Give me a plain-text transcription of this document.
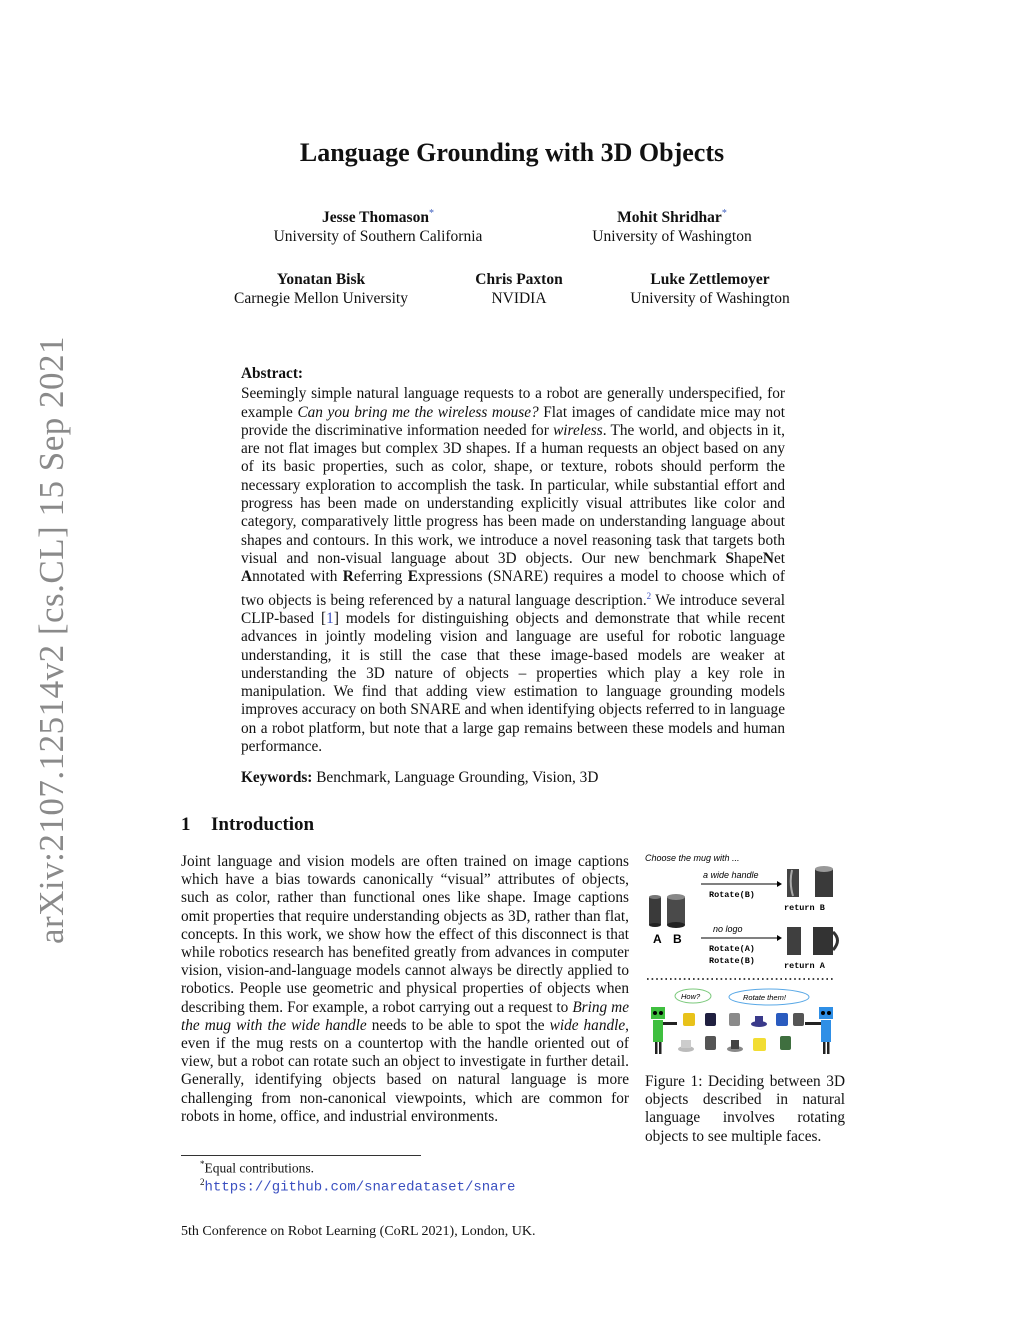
arXiv:2107.12514v2 [cs.CL] 15 Sep 2021
Language Grounding with 3D Objects
Jesse Thomason*
University of Southern California
Mohit Shridhar*
University of Washington
Yonatan Bisk
Carnegie Mellon University
Chris Paxton
NVIDIA
Luke Zettlemoyer
University of Washington
Abstract:
Seemingly simple natural language requests to a robot are generally underspecified, for example Can you bring me the wireless mouse? Flat images of candidate mice may not provide the discriminative information needed for wireless. The world, and objects in it, are not flat images but complex 3D shapes. If a human requests an object based on any of its basic properties, such as color, shape, or texture, robots should perform the necessary exploration to accomplish the task. In particular, while substantial effort and progress has been made on understanding explicitly visual attributes like color and category, comparatively little progress has been made on understanding language about shapes and contours. In this work, we introduce a novel reasoning task that targets both visual and non-visual language about 3D objects. Our new benchmark ShapeNet Annotated with Referring Expressions (SNARE) requires a model to choose which of two objects is being referenced by a natural language description.$^2$ We introduce several CLIP-based [1] models for distinguishing objects and demonstrate that while recent advances in jointly modeling vision and language are useful for robotic language understanding, it is still the case that these image-based models are weaker at understanding the 3D nature of objects – properties which play a key role in manipulation. We find that adding view estimation to language grounding models improves accuracy on both SNARE and when identifying objects referred to in language on a robot platform, but note that a large gap remains between these models and human performance.
Keywords: Benchmark, Language Grounding, Vision, 3D
1 Introduction
Joint language and vision models are often trained on image captions which have a bias towards canonically “visual” attributes of objects, such as color, rather than functional ones like shape. Image captions omit properties that require understanding objects as 3D, rather than flat, concepts. In this work, we show how the effect of this disconnect is that while robotics research has benefited greatly from advances in computer vision, vision-and-language models cannot always be directly applied to robotics. People use geometric and physical properties of objects when describing them. For example, a robot carrying out a request to Bring me the mug with the wide handle needs to be able to spot the wide handle, even if the mug rests on a countertop with the handle oriented out of view, but a robot can rotate such an object to investigate in further detail. Generally, identifying objects based on natural language is more challenging from non-canonical viewpoints, which are common for robots in home, office, and industrial environments.
Choose the mug with ...
A B
a wide handle
Rotate(B)
return B
no logo
Rotate(A)
Rotate(B)	return A
How?	Rotate them!
Figure 1: Deciding between 3D objects described in natural language involves rotating objects to see multiple faces.
*Equal contributions.
$^2$https://github.com/snaredataset/snare
5th Conference on Robot Learning (CoRL 2021), London, UK.
